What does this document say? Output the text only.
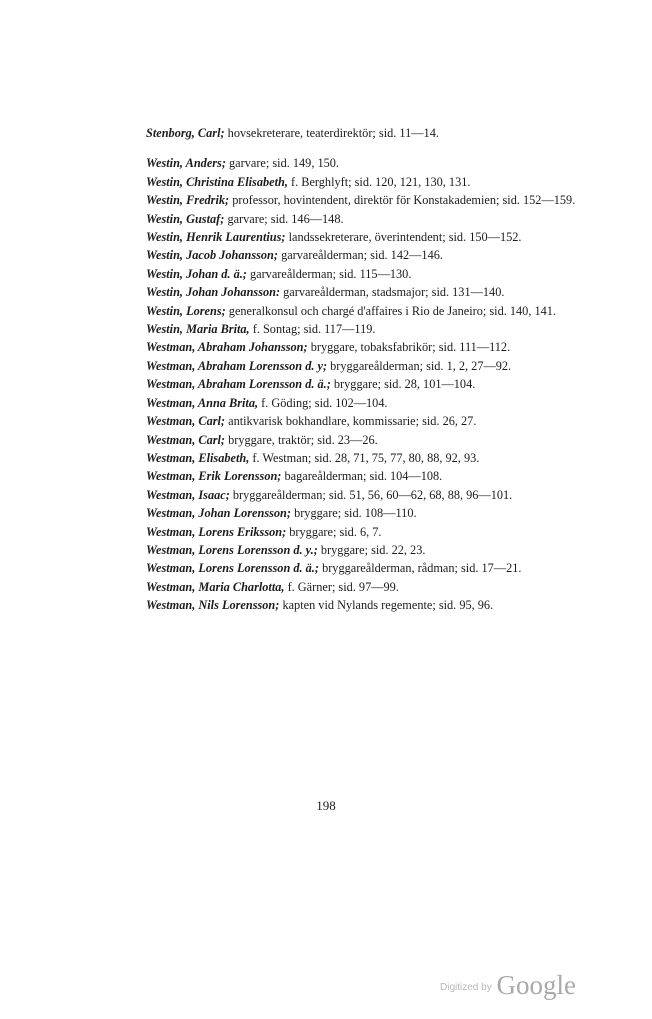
Stenborg, Carl; hovsekreterare, teaterdirektör; sid. 11—14.
Westin, Anders; garvare; sid. 149, 150.
Westin, Christina Elisabeth, f. Berghlyft; sid. 120, 121, 130, 131.
Westin, Fredrik; professor, hovintendent, direktör för Konstakademien; sid. 152—159.
Westin, Gustaf; garvare; sid. 146—148.
Westin, Henrik Laurentius; landssekreterare, överintendent; sid. 150—152.
Westin, Jacob Johansson; garvareålderman; sid. 142—146.
Westin, Johan d. ä.; garvareålderman; sid. 115—130.
Westin, Johan Johansson: garvareålderman, stadsmajor; sid. 131—140.
Westin, Lorens; generalkonsul och chargé d'affaires i Rio de Janeiro; sid. 140, 141.
Westin, Maria Brita, f. Sontag; sid. 117—119.
Westman, Abraham Johansson; bryggare, tobaksfabrikör; sid. 111—112.
Westman, Abraham Lorensson d. y; bryggareålderman; sid. 1, 2, 27—92.
Westman, Abraham Lorensson d. ä.; bryggare; sid. 28, 101—104.
Westman, Anna Brita, f. Göding; sid. 102—104.
Westman, Carl; antikvarisk bokhandlare, kommissarie; sid. 26, 27.
Westman, Carl; bryggare, traktör; sid. 23—26.
Westman, Elisabeth, f. Westman; sid. 28, 71, 75, 77, 80, 88, 92, 93.
Westman, Erik Lorensson; bagareålderman; sid. 104—108.
Westman, Isaac; bryggareålderman; sid. 51, 56, 60—62, 68, 88, 96—101.
Westman, Johan Lorensson; bryggare; sid. 108—110.
Westman, Lorens Eriksson; bryggare; sid. 6, 7.
Westman, Lorens Lorensson d. y.; bryggare; sid. 22, 23.
Westman, Lorens Lorensson d. ä.; bryggareålderman, rådman; sid. 17—21.
Westman, Maria Charlotta, f. Gärner; sid. 97—99.
Westman, Nils Lorensson; kapten vid Nylands regemente; sid. 95, 96.
198
Digitized by Google
